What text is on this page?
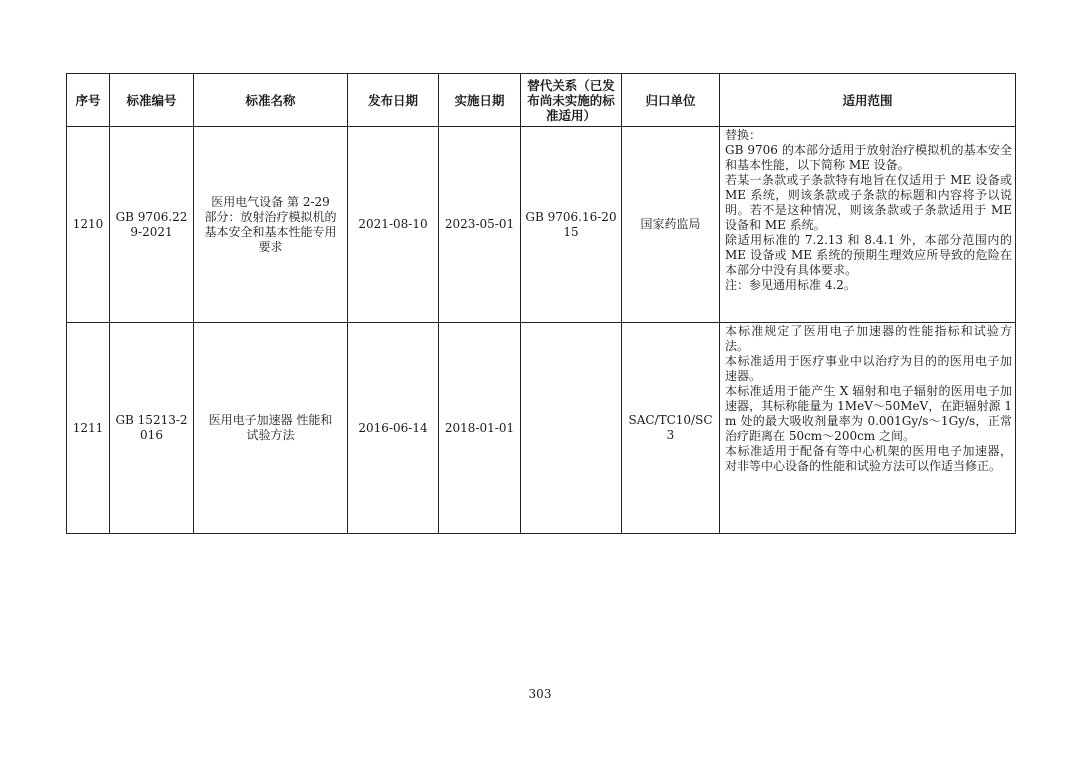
序号	标准编号	标准名称	发布日期	实施日期	替代关系（已发布尚未实施的标准适用）	归口单位	适用范围
1210	GB 9706.229-2021	医用电气设备 第 2-29 部分：放射治疗模拟机的基本安全和基本性能专用要求	2021-08-10	2023-05-01	GB 9706.16-2015	国家药监局	替换：

GB 9706 的本部分适用于放射治疗模拟机的基本安全和基本性能，以下简称 ME 设备。

若某一条款或子条款特有地旨在仅适用于 ME 设备或 ME 系统，则该条款或子条款的标题和内容将予以说明。若不是这种情况，则该条款或子条款适用于 ME 设备和 ME 系统。

除适用标准的 7.2.13 和 8.4.1 外，本部分范围内的 ME 设备或 ME 系统的预期生理效应所导致的危险在本部分中没有具体要求。

注：参见通用标准 4.2。

1211	GB 15213-2016	医用电子加速器 性能和试验方法	2016-06-14	2018-01-01		SAC/TC10/SC3	本标准规定了医用电子加速器的性能指标和试验方法。

本标准适用于医疗事业中以治疗为目的的医用电子加速器。

本标准适用于能产生 X 辐射和电子辐射的医用电子加速器，其标称能量为 1MeV～50MeV，在距辐射源 1m 处的最大吸收剂量率为 0.001Gy/s～1Gy/s，正常治疗距离在 50cm～200cm 之间。

本标准适用于配备有等中心机架的医用电子加速器，对非等中心设备的性能和试验方法可以作适当修正。

303
